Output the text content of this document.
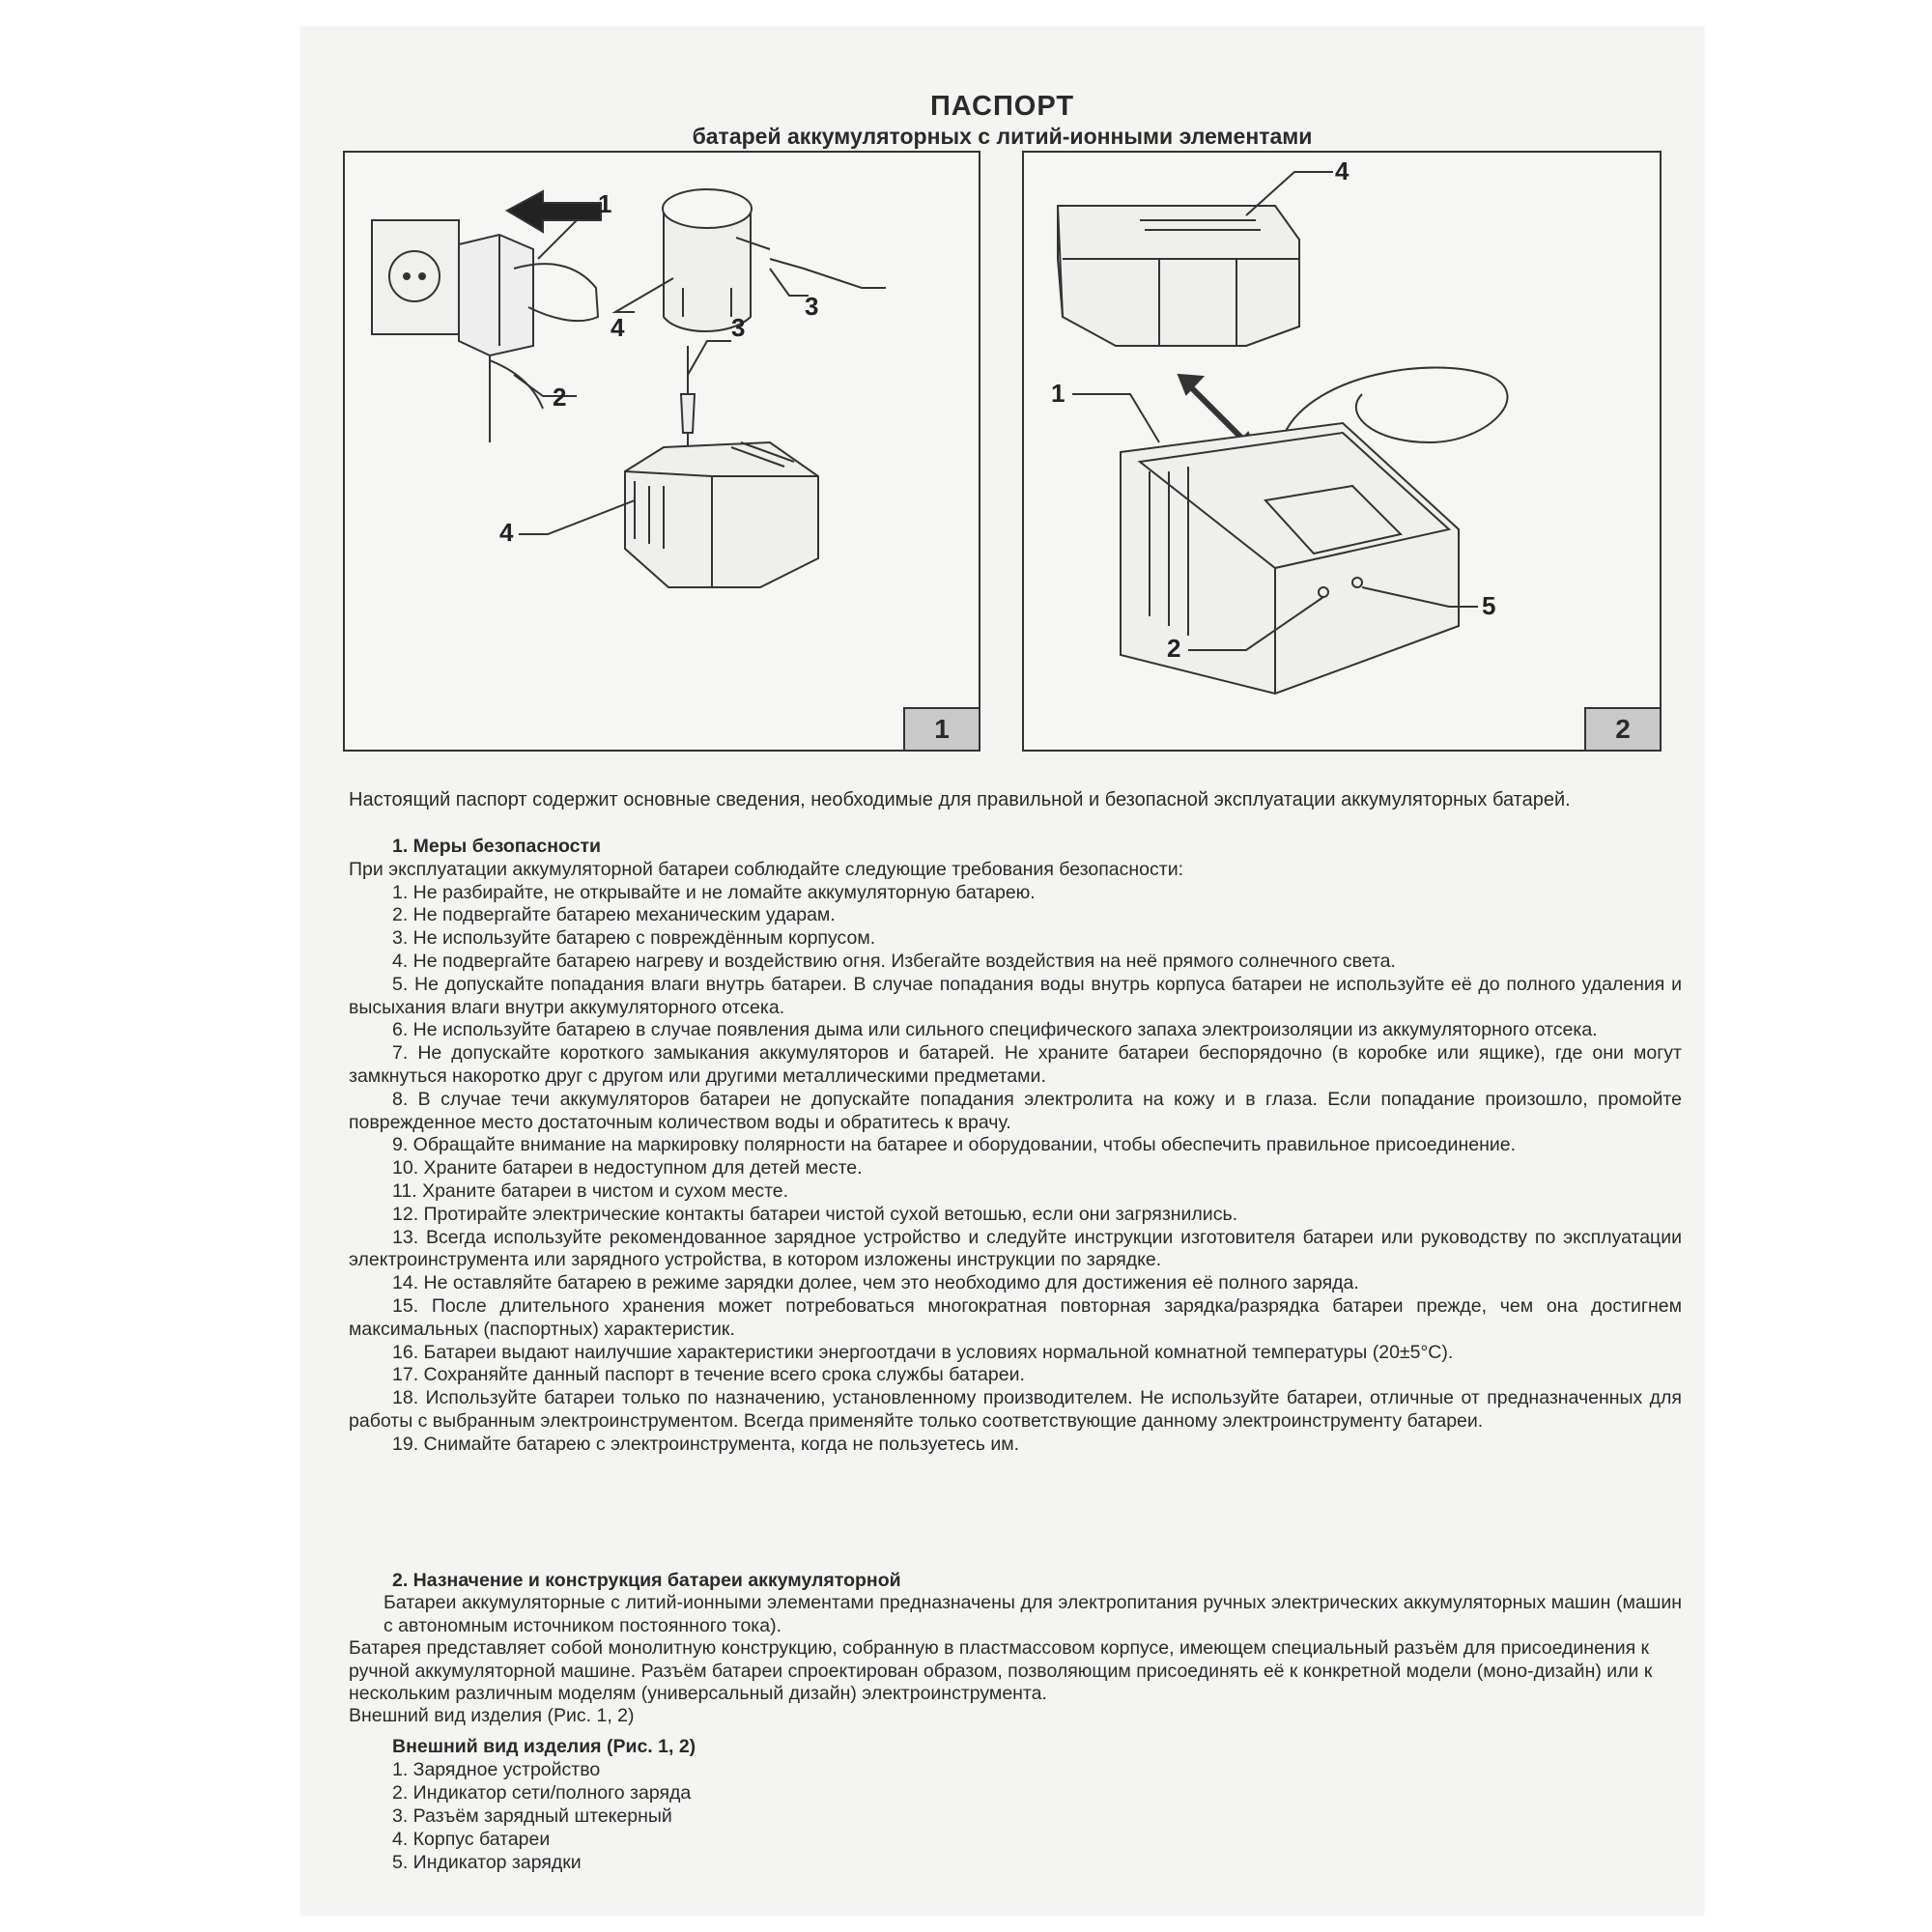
ПАСПОРТ
батарей аккумуляторных с литий-ионными элементами
1
2
3
4	3
4
1
4
1
2
5
2
Настоящий паспорт содержит основные сведения, необходимые для правильной и безопасной эксплуатации аккумуляторных батарей.
1. Меры безопасности

При эксплуатации аккумуляторной батареи соблюдайте следующие требования безопасности:

1. Не разбирайте, не открывайте и не ломайте аккумуляторную батарею.

2. Не подвергайте батарею механическим ударам.

3. Не используйте батарею с повреждённым корпусом.

4. Не подвергайте батарею нагреву и воздействию огня. Избегайте воздействия на неё прямого солнечного света.

5. Не допускайте попадания влаги внутрь батареи. В случае попадания воды внутрь корпуса батареи не используйте её до полного удаления и высыхания влаги внутри аккумуляторного отсека.

6. Не используйте батарею в случае появления дыма или сильного специфического запаха электроизоляции из аккумуляторного отсека.

7. Не допускайте короткого замыкания аккумуляторов и батарей. Не храните батареи беспорядочно (в коробке или ящике), где они могут замкнуться накоротко друг с другом или другими металлическими предметами.

8. В случае течи аккумуляторов батареи не допускайте попадания электролита на кожу и в глаза. Если попадание произошло, промойте поврежденное место достаточным количеством воды и обратитесь к врачу.

9. Обращайте внимание на маркировку полярности на батарее и оборудовании, чтобы обеспечить правильное присоединение.

10. Храните батареи в недоступном для детей месте.

11. Храните батареи в чистом и сухом месте.

12. Протирайте электрические контакты батареи чистой сухой ветошью, если они загрязнились.

13. Всегда используйте рекомендованное зарядное устройство и следуйте инструкции изготовителя батареи или руководству по эксплуатации электроинструмента или зарядного устройства, в котором изложены инструкции по зарядке.

14. Не оставляйте батарею в режиме зарядки долее, чем это необходимо для достижения её полного заряда.

15. После длительного хранения может потребоваться многократная повторная зарядка/разрядка батареи прежде, чем она достигнем максимальных (паспортных) характеристик.

16. Батареи выдают наилучшие характеристики энергоотдачи в условиях нормальной комнатной температуры (20±5°С).

17. Сохраняйте данный паспорт в течение всего срока службы батареи.

18. Используйте батареи только по назначению, установленному производителем. Не используйте батареи, отличные от предназначенных для работы с выбранным электроинструментом. Всегда применяйте только соответствующие данному электроинструменту батареи.

19. Снимайте батарею с электроинструмента, когда не пользуетесь им.

2. Назначение и конструкция батареи аккумуляторной

Батареи аккумуляторные с литий-ионными элементами предназначены для электропитания ручных электрических аккумуляторных машин (машин с автономным источником постоянного тока).

Батарея представляет собой монолитную конструкцию, собранную в пластмассовом корпусе, имеющем специальный разъём для присоединения к ручной аккумуляторной машине. Разъём батареи спроектирован образом, позволяющим присоединять её к конкретной модели (моно-дизайн) или к нескольким различным моделям (универсальный дизайн) электроинструмента.

Внешний вид изделия (Рис. 1, 2)

Внешний вид изделия (Рис. 1, 2)

1. Зарядное устройство

2. Индикатор сети/полного заряда

3. Разъём зарядный штекерный

4. Корпус батареи

5. Индикатор зарядки
